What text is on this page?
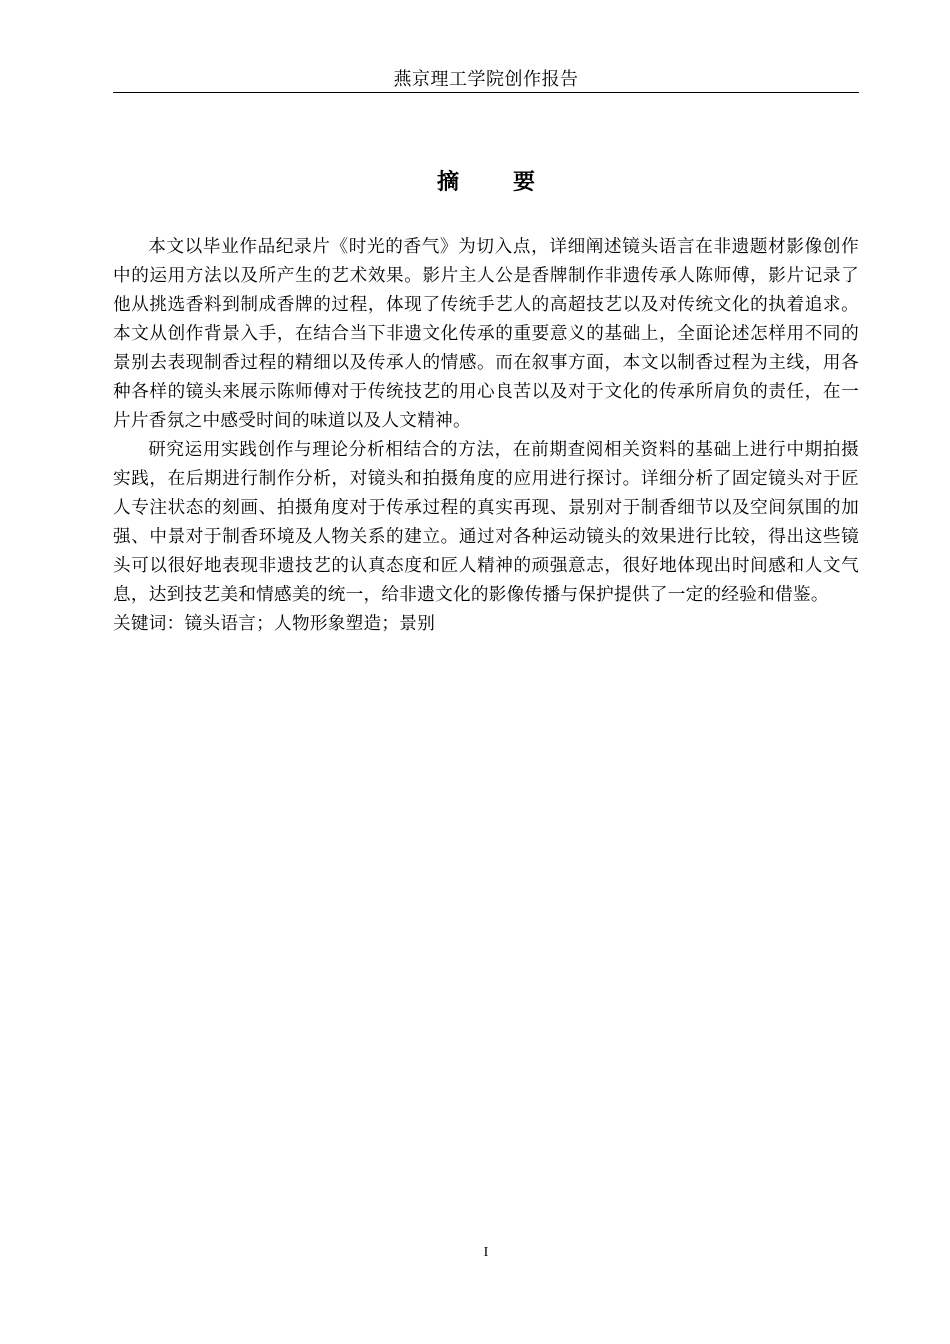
燕京理工学院创作报告
摘　要

本文以毕业作品纪录片《时光的香气》为切入点，详细阐述镜头语言在非遗题材影像创作中的运用方法以及所产生的艺术效果。影片主人公是香牌制作非遗传承人陈师傅，影片记录了他从挑选香料到制成香牌的过程，体现了传统手艺人的高超技艺以及对传统文化的执着追求。本文从创作背景入手，在结合当下非遗文化传承的重要意义的基础上，全面论述怎样用不同的景别去表现制香过程的精细以及传承人的情感。而在叙事方面，本文以制香过程为主线，用各种各样的镜头来展示陈师傅对于传统技艺的用心良苦以及对于文化的传承所肩负的责任，在一片片香氛之中感受时间的味道以及人文精神。

研究运用实践创作与理论分析相结合的方法，在前期查阅相关资料的基础上进行中期拍摄实践，在后期进行制作分析，对镜头和拍摄角度的应用进行探讨。详细分析了固定镜头对于匠人专注状态的刻画、拍摄角度对于传承过程的真实再现、景别对于制香细节以及空间氛围的加强、中景对于制香环境及人物关系的建立。通过对各种运动镜头的效果进行比较，得出这些镜头可以很好地表现非遗技艺的认真态度和匠人精神的顽强意志，很好地体现出时间感和人文气息，达到技艺美和情感美的统一，给非遗文化的影像传播与保护提供了一定的经验和借鉴。

关键词：镜头语言；人物形象塑造；景别

I
